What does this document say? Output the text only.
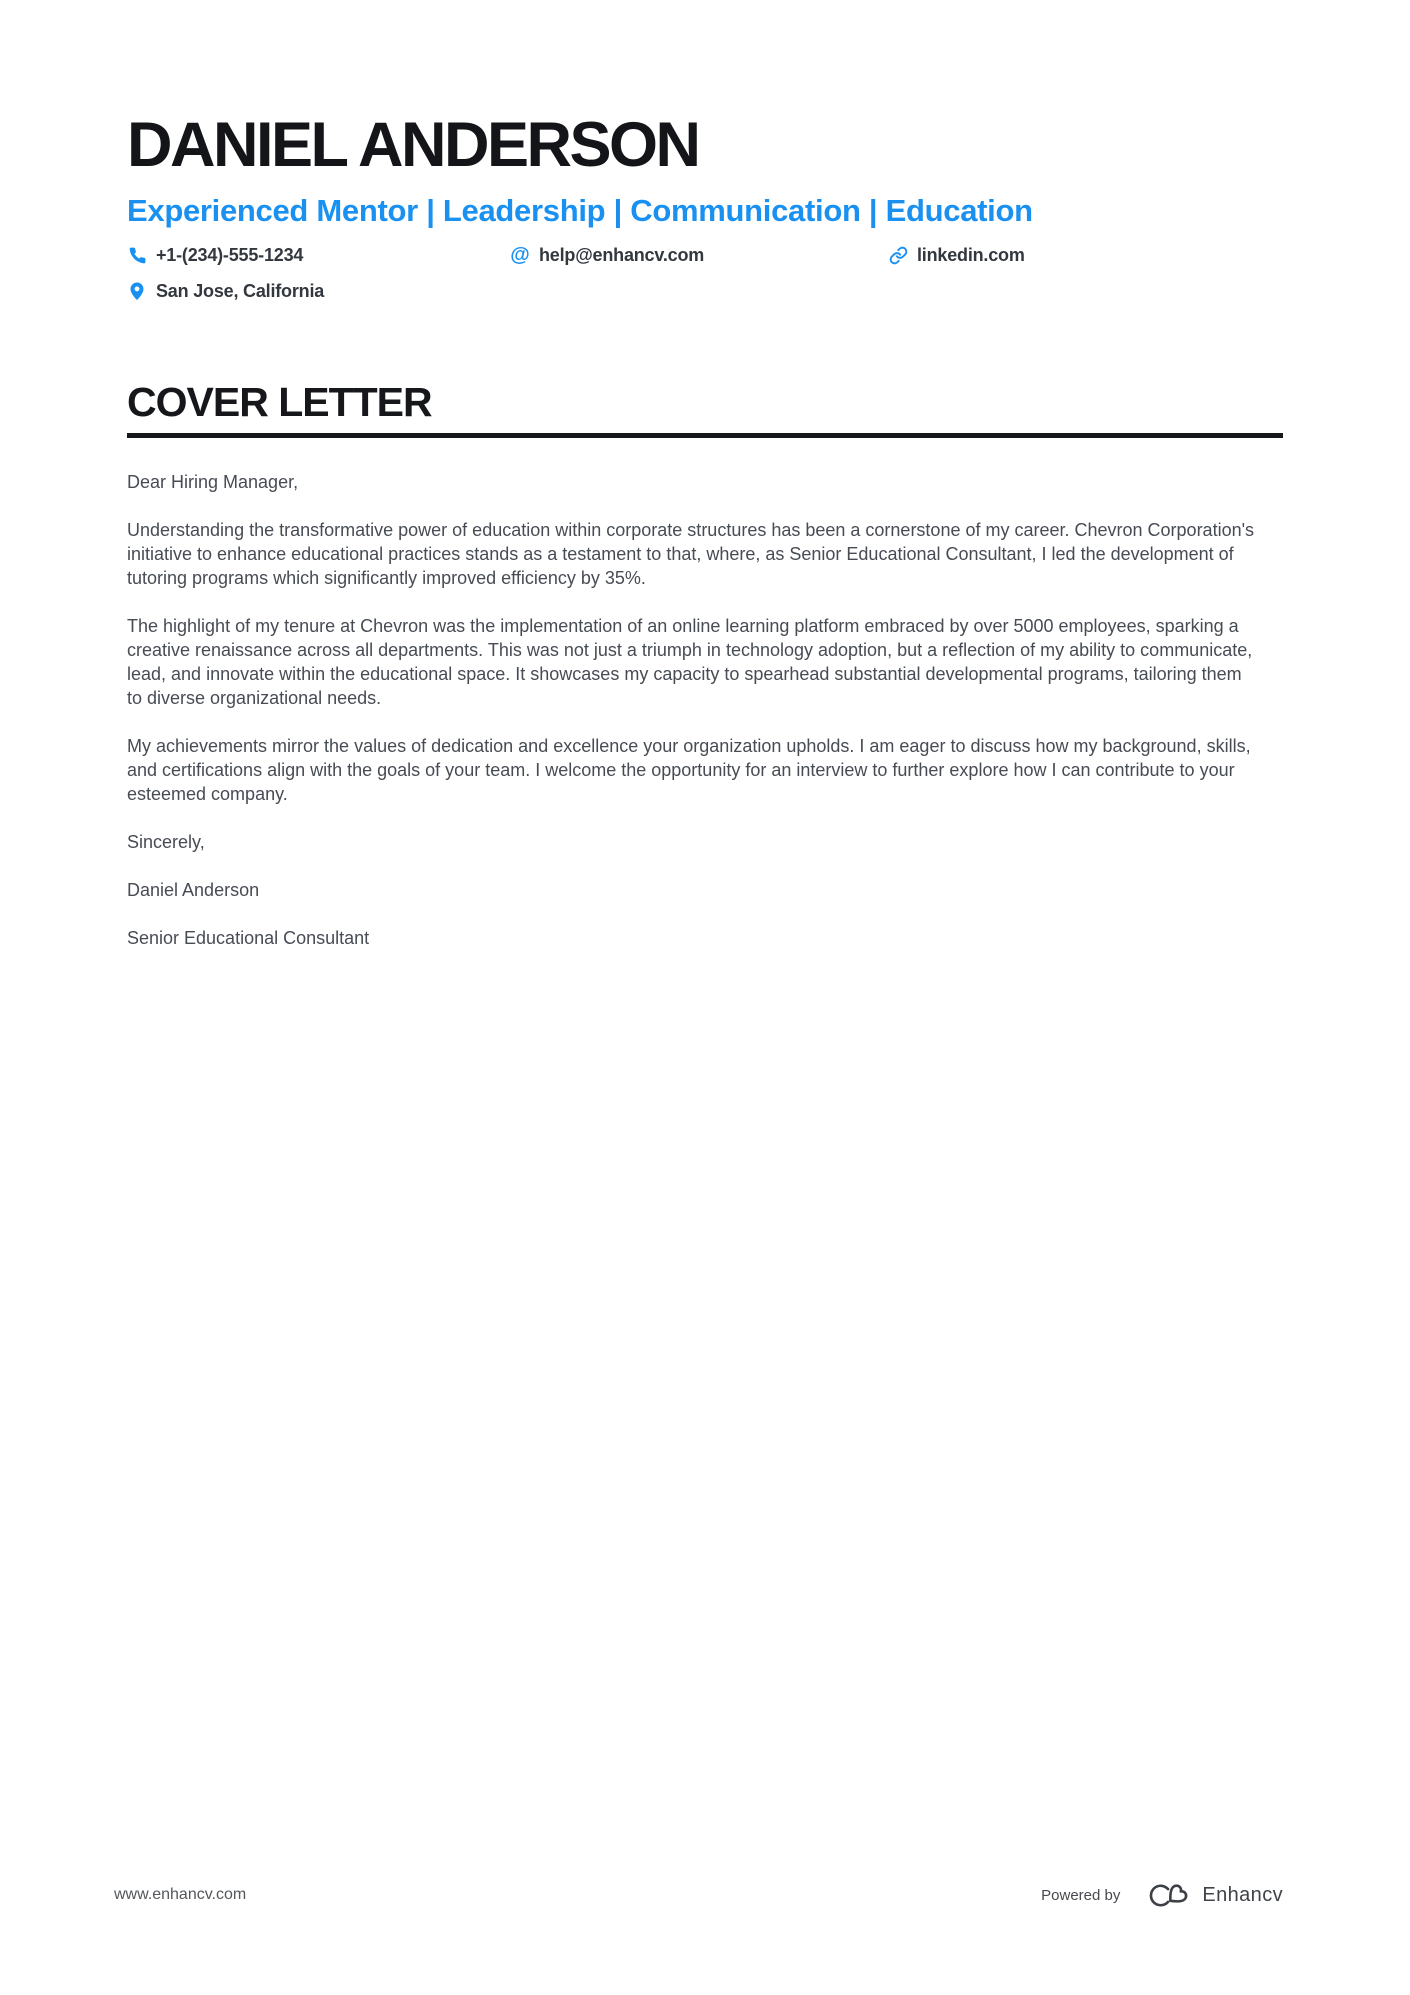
DANIEL ANDERSON
Experienced Mentor | Leadership | Communication | Education
+1-(234)-555-1234	@ help@enhancv.com	linkedin.com
San Jose, California
COVER LETTER

Dear Hiring Manager,

Understanding the transformative power of education within corporate structures has been a cornerstone of my career. Chevron Corporation's initiative to enhance educational practices stands as a testament to that, where, as Senior Educational Consultant, I led the development of tutoring programs which significantly improved efficiency by 35%.

The highlight of my tenure at Chevron was the implementation of an online learning platform embraced by over 5000 employees, sparking a creative renaissance across all departments. This was not just a triumph in technology adoption, but a reflection of my ability to communicate, lead, and innovate within the educational space. It showcases my capacity to spearhead substantial developmental programs, tailoring them to diverse organizational needs.

My achievements mirror the values of dedication and excellence your organization upholds. I am eager to discuss how my background, skills, and certifications align with the goals of your team. I welcome the opportunity for an interview to further explore how I can contribute to your esteemed company.

Sincerely,

Daniel Anderson

Senior Educational Consultant

www.enhancv.com	Powered by	Enhancv
